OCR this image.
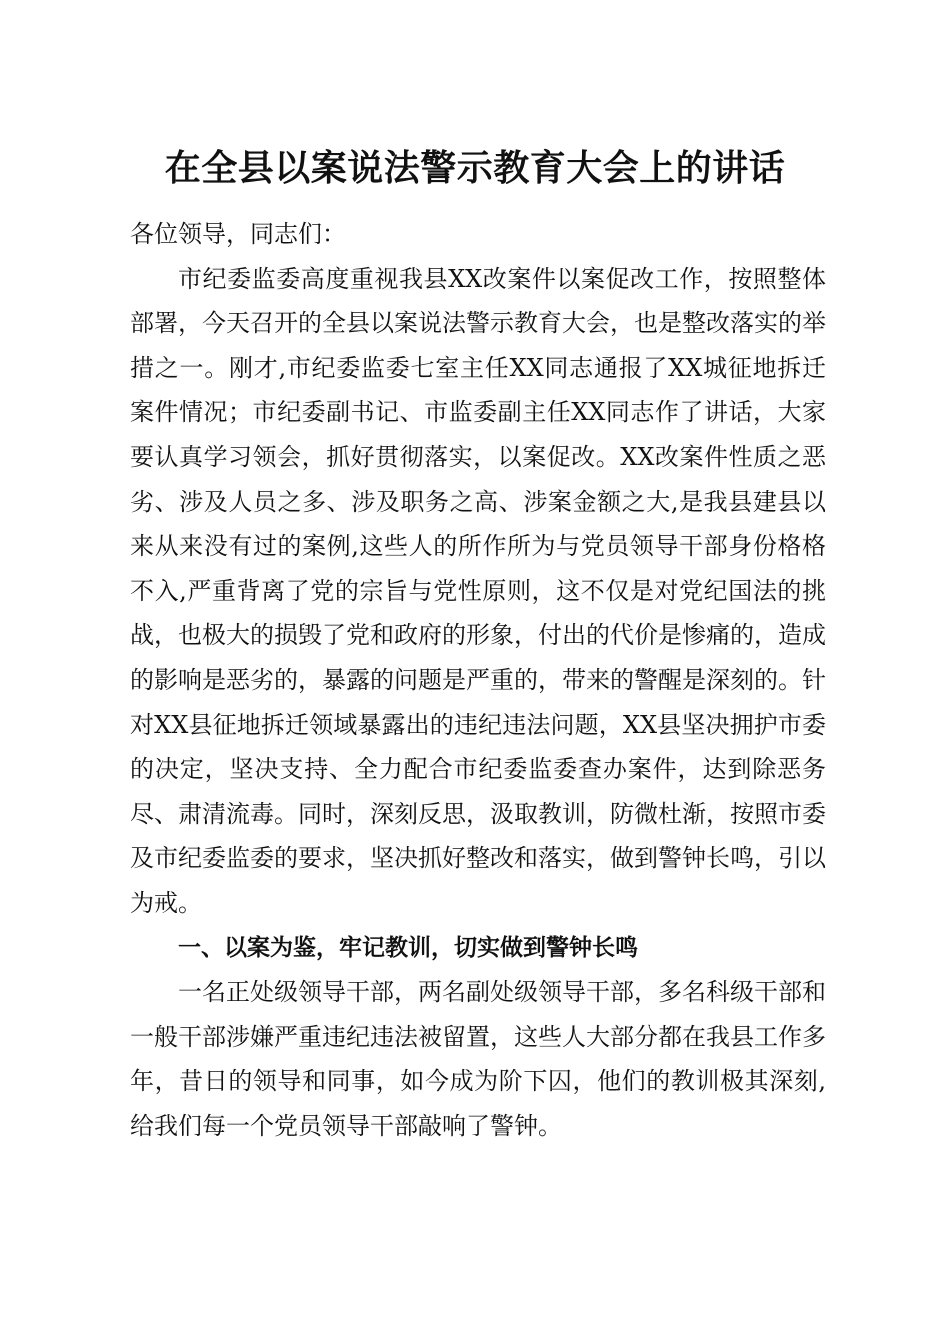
在全县以案说法警示教育大会上的讲话

各位领导，同志们：

市纪委监委高度重视我县XX改案件以案促改工作，按照整体部署，今天召开的全县以案说法警示教育大会，也是整改落实的举措之一。刚才,市纪委监委七室主任XX同志通报了XX城征地拆迁案件情况；市纪委副书记、市监委副主任XX同志作了讲话，大家要认真学习领会，抓好贯彻落实，以案促改。XX改案件性质之恶劣、涉及人员之多、涉及职务之高、涉案金额之大,是我县建县以来从来没有过的案例,这些人的所作所为与党员领导干部身份格格不入,严重背离了党的宗旨与党性原则，这不仅是对党纪国法的挑战，也极大的损毁了党和政府的形象，付出的代价是惨痛的，造成的影响是恶劣的，暴露的问题是严重的，带来的警醒是深刻的。针对XX县征地拆迁领域暴露出的违纪违法问题，XX县坚决拥护市委的决定，坚决支持、全力配合市纪委监委查办案件，达到除恶务尽、肃清流毒。同时，深刻反思，汲取教训，防微杜渐，按照市委及市纪委监委的要求，坚决抓好整改和落实，做到警钟长鸣，引以为戒。

一、以案为鉴，牢记教训，切实做到警钟长鸣

一名正处级领导干部，两名副处级领导干部，多名科级干部和一般干部涉嫌严重违纪违法被留置，这些人大部分都在我县工作多年，昔日的领导和同事，如今成为阶下囚，他们的教训极其深刻,给我们每一个党员领导干部敲响了警钟。
